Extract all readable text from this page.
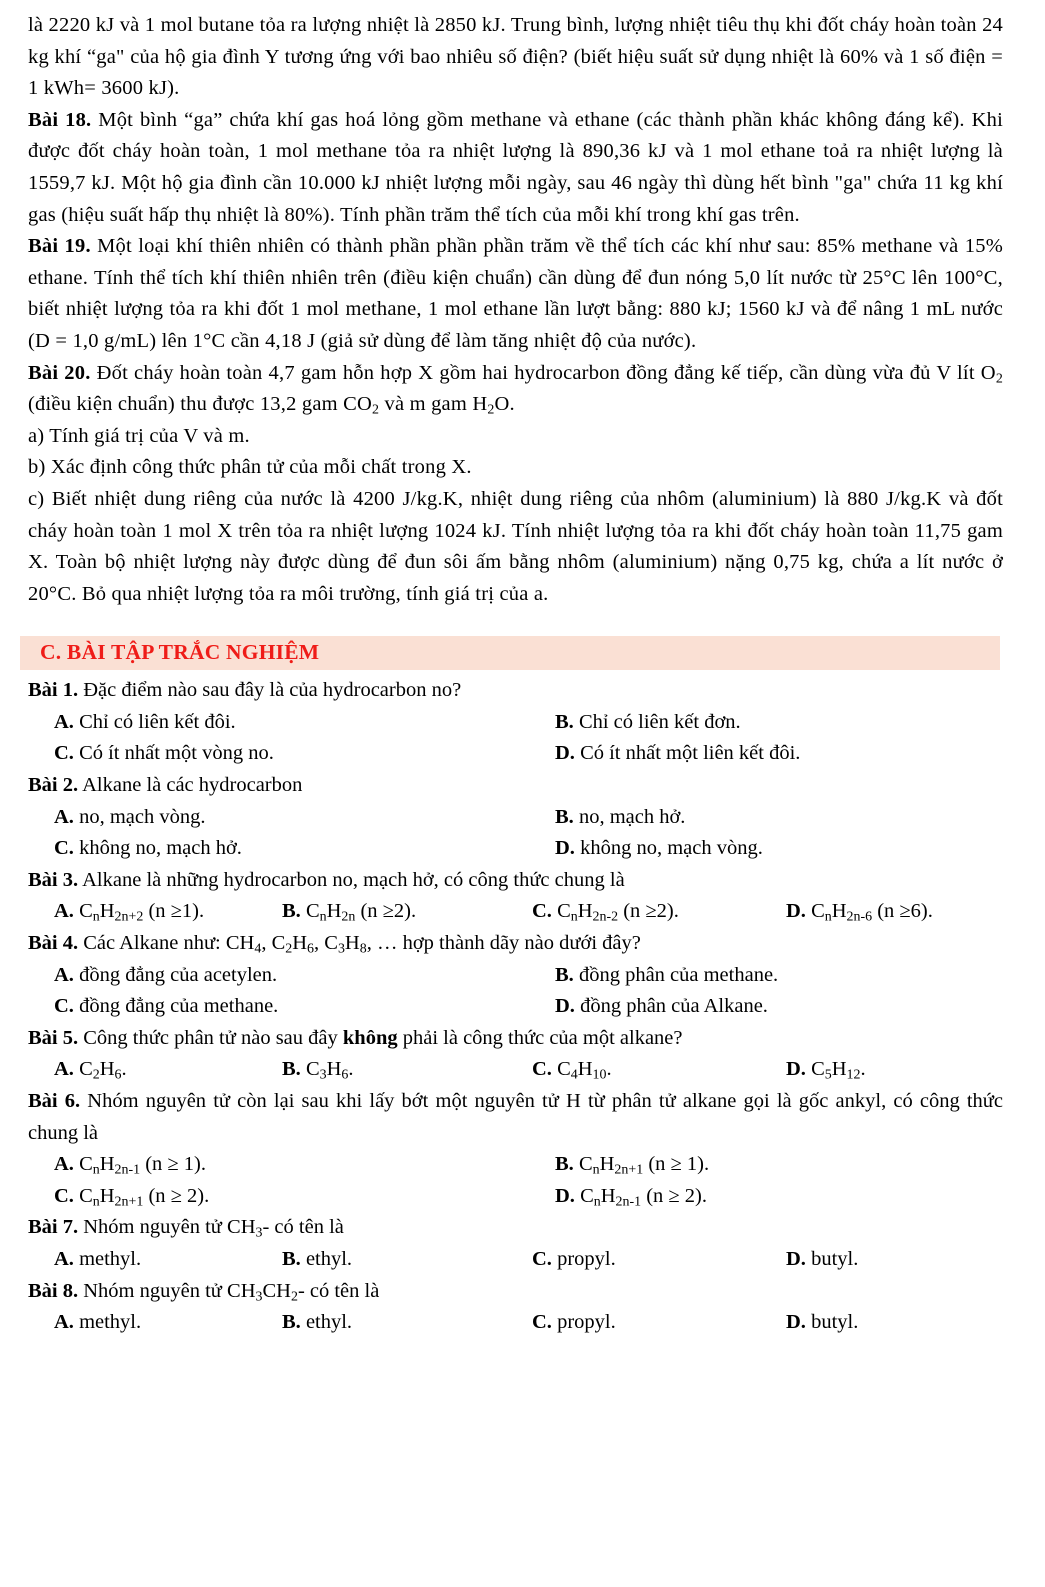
là 2220 kJ và 1 mol butane tỏa ra lượng nhiệt là 2850 kJ. Trung bình, lượng nhiệt tiêu thụ khi đốt cháy hoàn toàn 24 kg khí “ga" của hộ gia đình Y tương ứng với bao nhiêu số điện? (biết hiệu suất sử dụng nhiệt là 60% và 1 số điện = 1 kWh= 3600 kJ).

Bài 18. Một bình “ga” chứa khí gas hoá lỏng gồm methane và ethane (các thành phần khác không đáng kể). Khi được đốt cháy hoàn toàn, 1 mol methane tỏa ra nhiệt lượng là 890,36 kJ và 1 mol ethane toả ra nhiệt lượng là 1559,7 kJ. Một hộ gia đình cần 10.000 kJ nhiệt lượng mỗi ngày, sau 46 ngày thì dùng hết bình "ga" chứa 11 kg khí gas (hiệu suất hấp thụ nhiệt là 80%). Tính phần trăm thể tích của mỗi khí trong khí gas trên.

Bài 19. Một loại khí thiên nhiên có thành phần phần phần trăm về thể tích các khí như sau: 85% methane và 15% ethane. Tính thể tích khí thiên nhiên trên (điều kiện chuẩn) cần dùng để đun nóng 5,0 lít nước từ 25°C lên 100°C, biết nhiệt lượng tỏa ra khi đốt 1 mol methane, 1 mol ethane lần lượt bằng: 880 kJ; 1560 kJ và để nâng 1 mL nước (D = 1,0 g/mL) lên 1°C cần 4,18 J (giả sử dùng để làm tăng nhiệt độ của nước).

Bài 20. Đốt cháy hoàn toàn 4,7 gam hỗn hợp X gồm hai hydrocarbon đồng đẳng kế tiếp, cần dùng vừa đủ V lít $O_2$ (điều kiện chuẩn) thu được 13,2 gam $CO_2$ và m gam $H_2O$.

a) Tính giá trị của V và m.

b) Xác định công thức phân tử của mỗi chất trong X.

c) Biết nhiệt dung riêng của nước là 4200 J/kg.K, nhiệt dung riêng của nhôm (aluminium) là 880 J/kg.K và đốt cháy hoàn toàn 1 mol X trên tỏa ra nhiệt lượng 1024 kJ. Tính nhiệt lượng tỏa ra khi đốt cháy hoàn toàn 11,75 gam X. Toàn bộ nhiệt lượng này được dùng để đun sôi ấm bằng nhôm (aluminium) nặng 0,75 kg, chứa a lít nước ở 20°C. Bỏ qua nhiệt lượng tỏa ra môi trường, tính giá trị của a.

C. BÀI TẬP TRẮC NGHIỆM

Bài 1. Đặc điểm nào sau đây là của hydrocarbon no?

A. Chỉ có liên kết đôi.	B. Chỉ có liên kết đơn.
C. Có ít nhất một vòng no.	D. Có ít nhất một liên kết đôi.

Bài 2. Alkane là các hydrocarbon

A. no, mạch vòng.	B. no, mạch hở.
C. không no, mạch hở.	D. không no, mạch vòng.

Bài 3. Alkane là những hydrocarbon no, mạch hở, có công thức chung là

A. $C_nH_{2n+2}$ (n ≥1).	B. $C_nH_{2n}$ (n ≥2).	C. $C_nH_{2n-2}$ (n ≥2).	D. $C_nH_{2n-6}$ (n ≥6).

Bài 4. Các Alkane như: $CH_4$, $C_2H_6$, $C_3H_8$, … hợp thành dãy nào dưới đây?

A. đồng đẳng của acetylen.	B. đồng phân của methane.
C. đồng đẳng của methane.	D. đồng phân của Alkane.

Bài 5. Công thức phân tử nào sau đây không phải là công thức của một alkane?

A. $C_2H_6$.	B. $C_3H_6$.	C. $C_4H_{10}$.	D. $C_5H_{12}$.

Bài 6. Nhóm nguyên tử còn lại sau khi lấy bớt một nguyên tử H từ phân tử alkane gọi là gốc ankyl, có công thức chung là

A. $C_nH_{2n-1}$ (n ≥ 1).	B. $C_nH_{2n+1}$ (n ≥ 1).
C. $C_nH_{2n+1}$ (n ≥ 2).	D. $C_nH_{2n-1}$ (n ≥ 2).

Bài 7. Nhóm nguyên tử $CH_3-$ có tên là

A. methyl.	B. ethyl.	C. propyl.	D. butyl.

Bài 8. Nhóm nguyên tử $CH_3CH_2-$ có tên là

A. methyl.	B. ethyl.	C. propyl.	D. butyl.
